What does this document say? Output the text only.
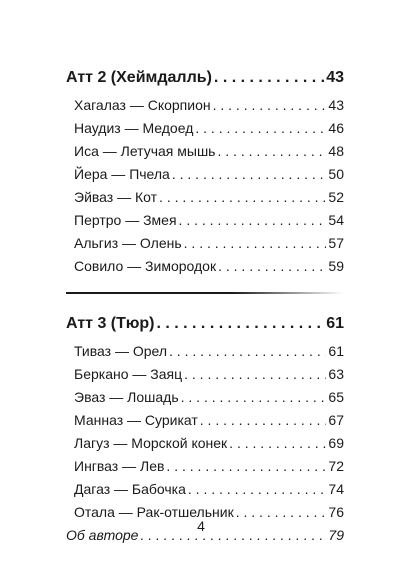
Атт 2 (Хеймдалль) . . .	43
Хагалаз — Скорпион . . .	43
Наудиз — Медоед . . .	46
Иса — Летучая мышь . . .	48
Йера — Пчела . . .	50
Эйваз — Кот . . .	52
Пертро — Змея . . .	54
Альгиз — Олень . . .	57
Совило — Зимородок . . .	59
Атт 3 (Тюр) . . .	61
Тиваз — Орел . . .	61
Беркано — Заяц . . .	63
Эваз — Лошадь . . .	65
Манназ — Сурикат . . .	67
Лагуз — Морской конек . . .	69
Ингваз — Лев . . .	72
Дагаз — Бабочка . . .	74
Отала — Рак-отшельник . . .	76
Об авторе . . .	79
4
